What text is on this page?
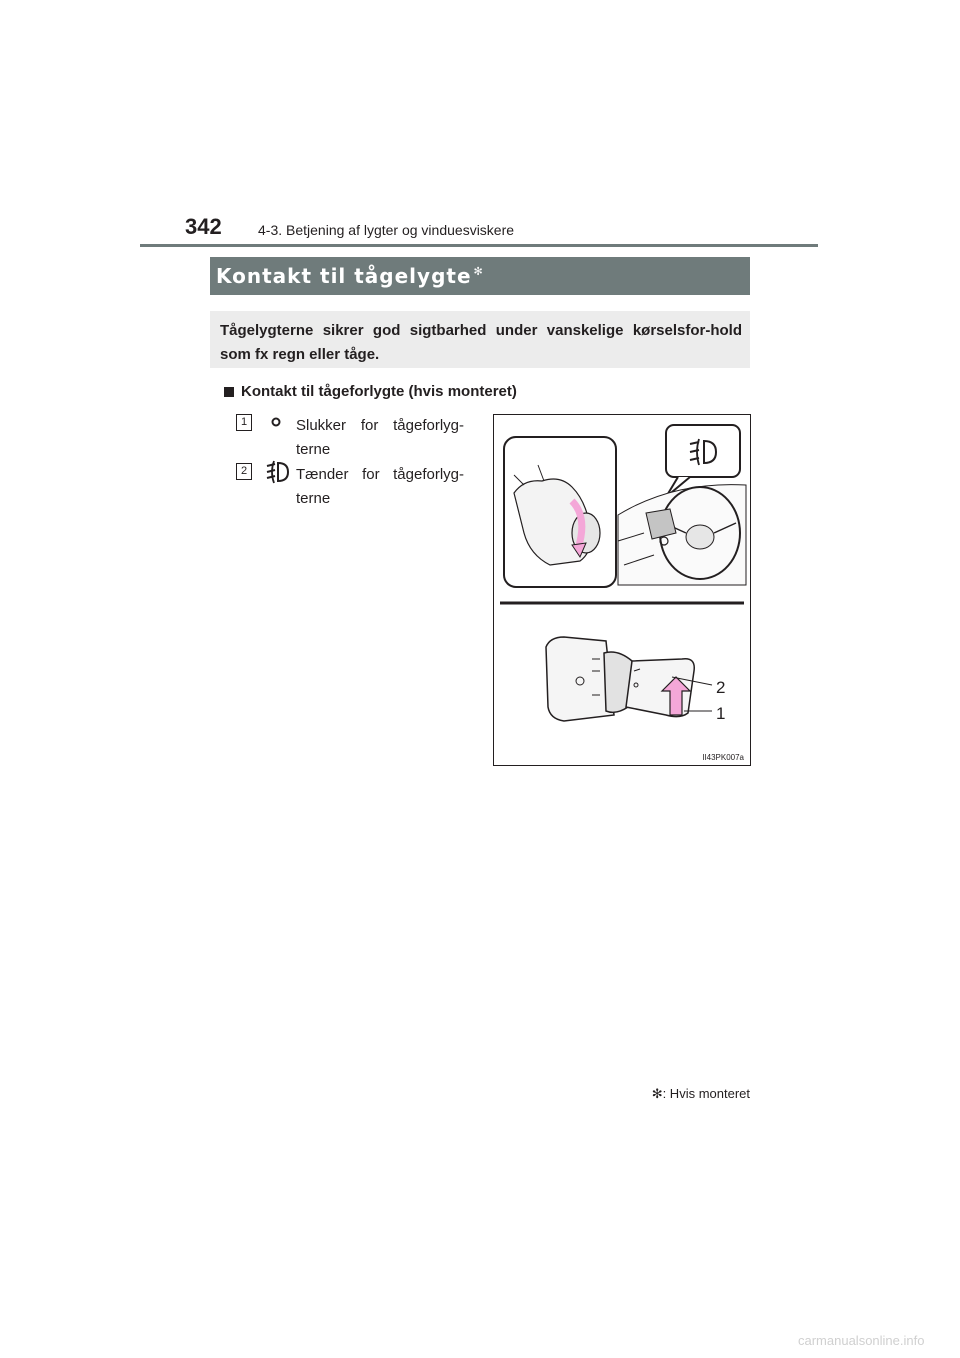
342	4-3. Betjening af lygter og vinduesviskere
Kontakt til tågelygte ✻
Tågelygterne sikrer god sigtbarhed under vanskelige kørselsfor-hold som fx regn eller tåge.
Kontakt til tågeforlygte (hvis monteret)
1	Slukker for tågeforlyg-terne
2	Tænder for tågeforlyg-terne
2
1
II43PK007a
✻: Hvis monteret
carmanualsonline.info
